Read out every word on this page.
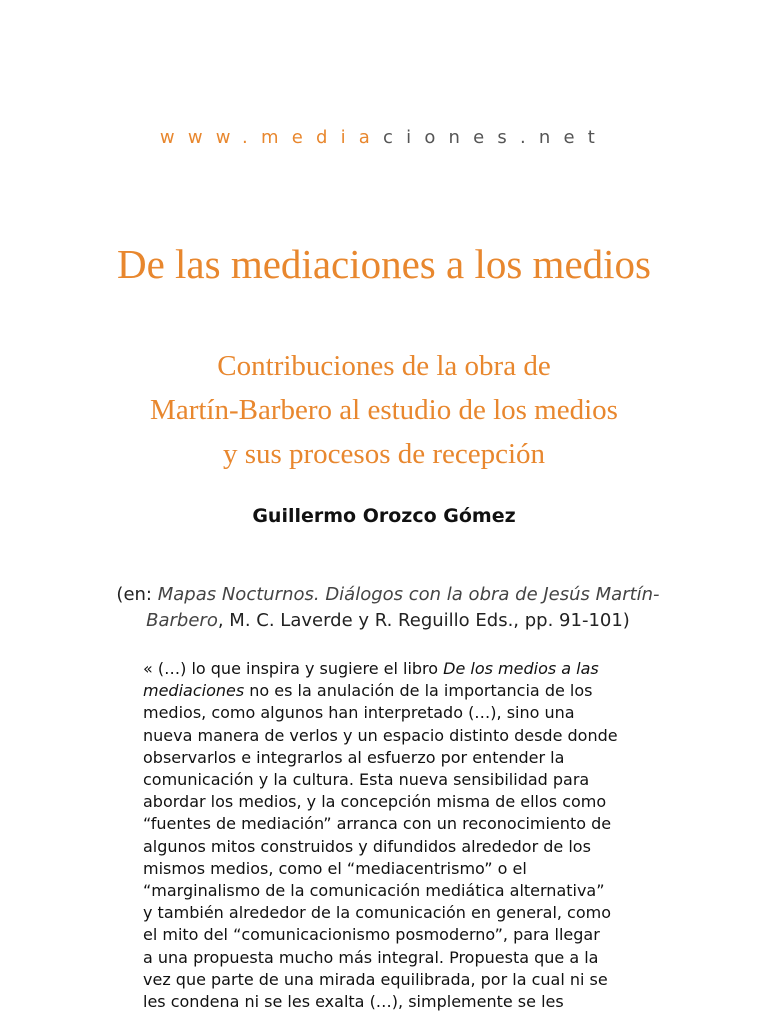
www.mediaciones.net
De las mediaciones a los medios
Contribuciones de la obra de
Martín-Barbero al estudio de los medios
y sus procesos de recepción
Guillermo Orozco Gómez
(en: Mapas Nocturnos. Diálogos con la obra de Jesús Martín-
Barbero, M. C. Laverde y R. Reguillo Eds., pp. 91-101)
« (…) lo que inspira y sugiere el libro De los medios a las
mediaciones no es la anulación de la importancia de los
medios, como algunos han interpretado (…), sino una
nueva manera de verlos y un espacio distinto desde donde
observarlos e integrarlos al esfuerzo por entender la
comunicación y la cultura. Esta nueva sensibilidad para
abordar los medios, y la concepción misma de ellos como
“fuentes de mediación” arranca con un reconocimiento de
algunos mitos construidos y difundidos alrededor de los
mismos medios, como el “mediacentrismo” o el
“marginalismo de la comunicación mediática alternativa”
y también alrededor de la comunicación en general, como
el mito del “comunicacionismo posmoderno”, para llegar
a una propuesta mucho más integral. Propuesta que a la
vez que parte de una mirada equilibrada, por la cual ni se
les condena ni se les exalta (…), simplemente se les
